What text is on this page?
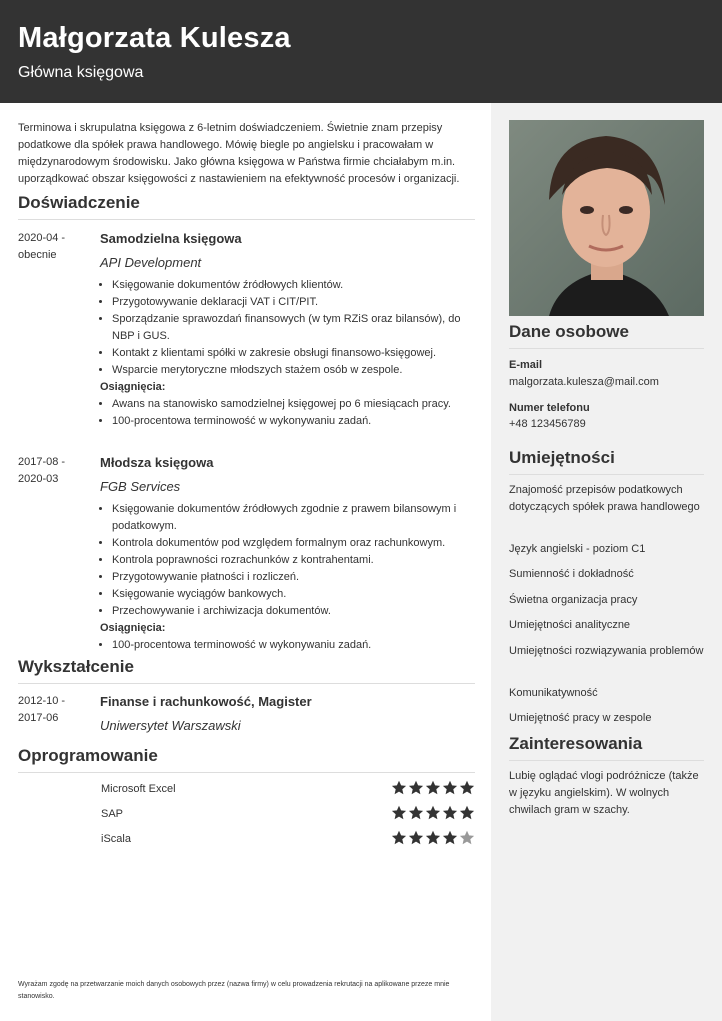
Małgorzata Kulesza
Główna księgowa
Terminowa i skrupulatna księgowa z 6-letnim doświadczeniem. Świetnie znam przepisy podatkowe dla spółek prawa handlowego. Mówię biegle po angielsku i pracowałam w międzynarodowym środowisku. Jako główna księgowa w Państwa firmie chciałabym m.in. uporządkować obszar księgowości z nastawieniem na efektywność procesów i organizacji.
Doświadczenie
2020-04 - obecnie
Samodzielna księgowa
API Development
• Księgowanie dokumentów źródłowych klientów.
• Przygotowywanie deklaracji VAT i CIT/PIT.
• Sporządzanie sprawozdań finansowych (w tym RZiS oraz bilansów), do NBP i GUS.
• Kontakt z klientami spółki w zakresie obsługi finansowo-księgowej.
• Wsparcie merytoryczne młodszych stażem osób w zespole.
Osiągnięcia:
• Awans na stanowisko samodzielnej księgowej po 6 miesiącach pracy.
• 100-procentowa terminowość w wykonywaniu zadań.
2017-08 - 2020-03
Młodsza księgowa
FGB Services
• Księgowanie dokumentów źródłowych zgodnie z prawem bilansowym i podatkowym.
• Kontrola dokumentów pod względem formalnym oraz rachunkowym.
• Kontrola poprawności rozrachunków z kontrahentami.
• Przygotowywanie płatności i rozliczeń.
• Księgowanie wyciągów bankowych.
• Przechowywanie i archiwizacja dokumentów.
Osiągnięcia:
• 100-procentowa terminowość w wykonywaniu zadań.
Wykształcenie
2012-10 - 2017-06
Finanse i rachunkowość, Magister
Uniwersytet Warszawski
Oprogramowanie
Microsoft Excel
SAP
iScala
Dane osobowe
E-mail
malgorzata.kulesza@mail.com
Numer telefonu
+48 123456789
Umiejętności
Znajomość przepisów podatkowych dotyczących spółek prawa handlowego
Język angielski - poziom C1
Sumienność i dokładność
Świetna organizacja pracy
Umiejętności analityczne
Umiejętności rozwiązywania problemów
Komunikatywność
Umiejętność pracy w zespole
Zainteresowania
Lubię oglądać vlogi podróżnicze (także w języku angielskim). W wolnych chwilach gram w szachy.
Wyrażam zgodę na przetwarzanie moich danych osobowych przez (nazwa firmy) w celu prowadzenia rekrutacji na aplikowane przeze mnie stanowisko.
